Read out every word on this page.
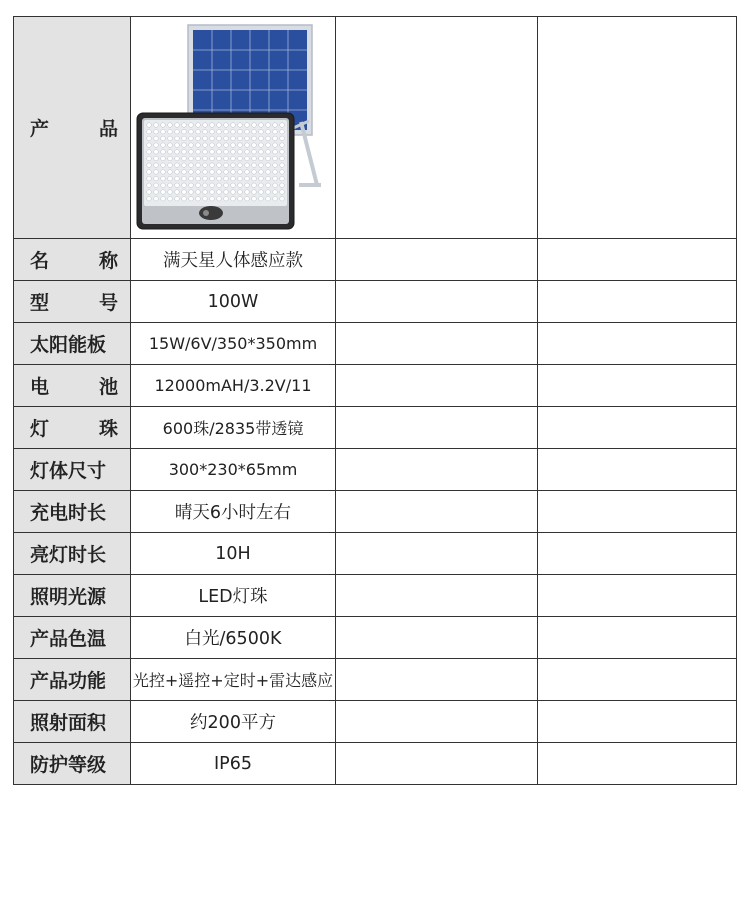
产 品

名 称	满天星人体感应款		

型 号	100W		

太阳能板	15W/6V/350*350mm		

电 池	12000mAH/3.2V/11		

灯 珠	600珠/2835带透镜		

灯体尺寸	300*230*65mm		

充电时长	晴天6小时左右		

亮灯时长	10H		

照明光源	LED灯珠		

产品色温	白光/6500K		

产品功能	光控+遥控+定时+雷达感应		

照射面积	约200平方		

防护等级	IP65		
